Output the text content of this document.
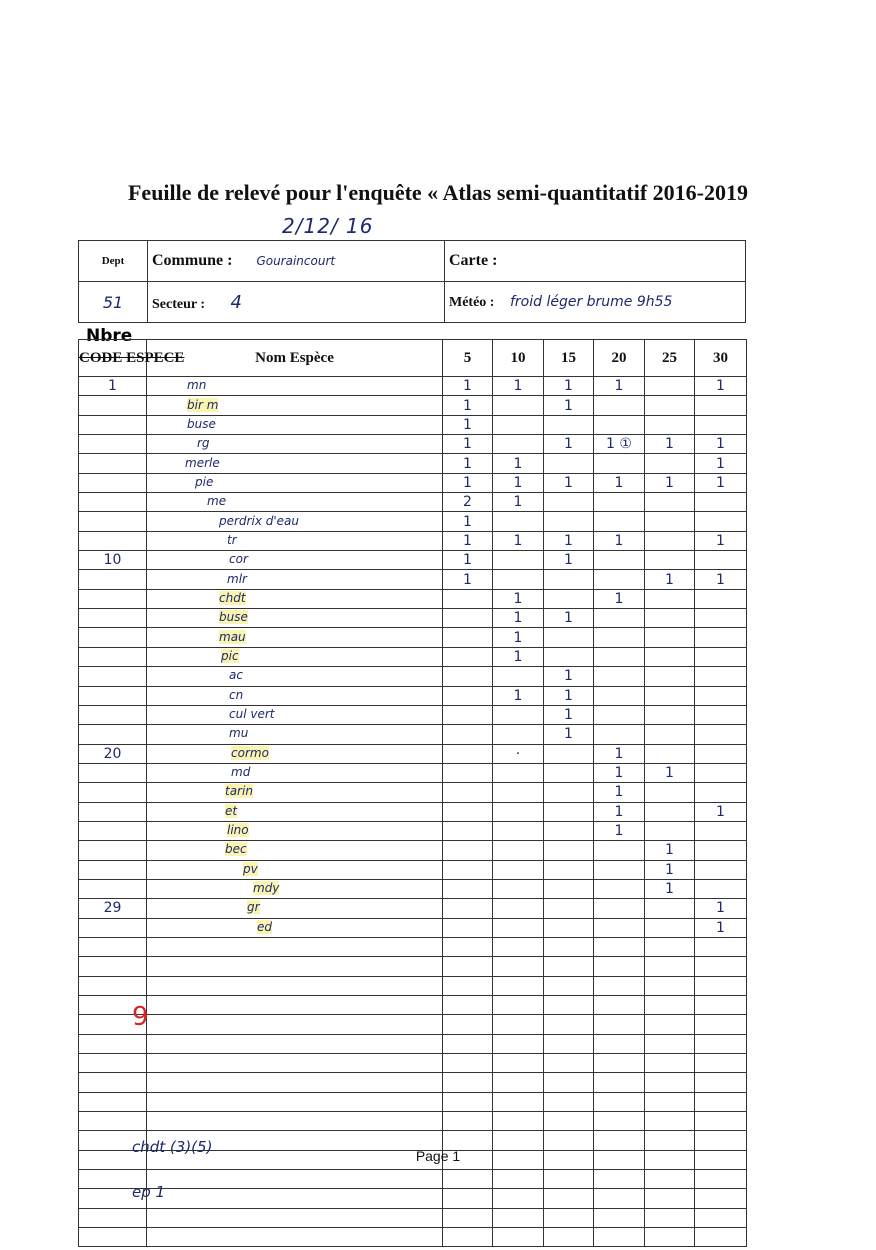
Feuille de relevé pour l'enquête « Atlas semi-quantitatif 2016-2019
2/12/ 16
Dept	Commune : Gouraincourt	Carte :
51	Secteur : 4	Météo : froid léger brume 9h55
Nbre
CODE ESPECE	Nom Espèce	5	10	15	20	25	30
1	mn	1	1	1	1		1
	bir m	1		1			
	buse	1					
	rg	1		1	1 ①	1	1
	merle	1	1				1
	pie	1	1	1	1	1	1
	me	2	1				
	perdrix d'eau	1					
	tr	1	1	1	1		1
10	cor	1		1			
	mlr	1				1	1
	chdt		1		1		
	buse		1	1			
	mau		1				
	pic		1				
	ac			1			
	cn		1	1			
	cul vert			1			
	mu			1			
20	cormo		·		1		
	md				1	1	
	tarin				1		
	et				1		1
	lino				1		
	bec					1	
	pv					1	
	mdy					1	
29	gr						1
	ed						1

9
chdt (3)(5)
ep 1
Page 1
